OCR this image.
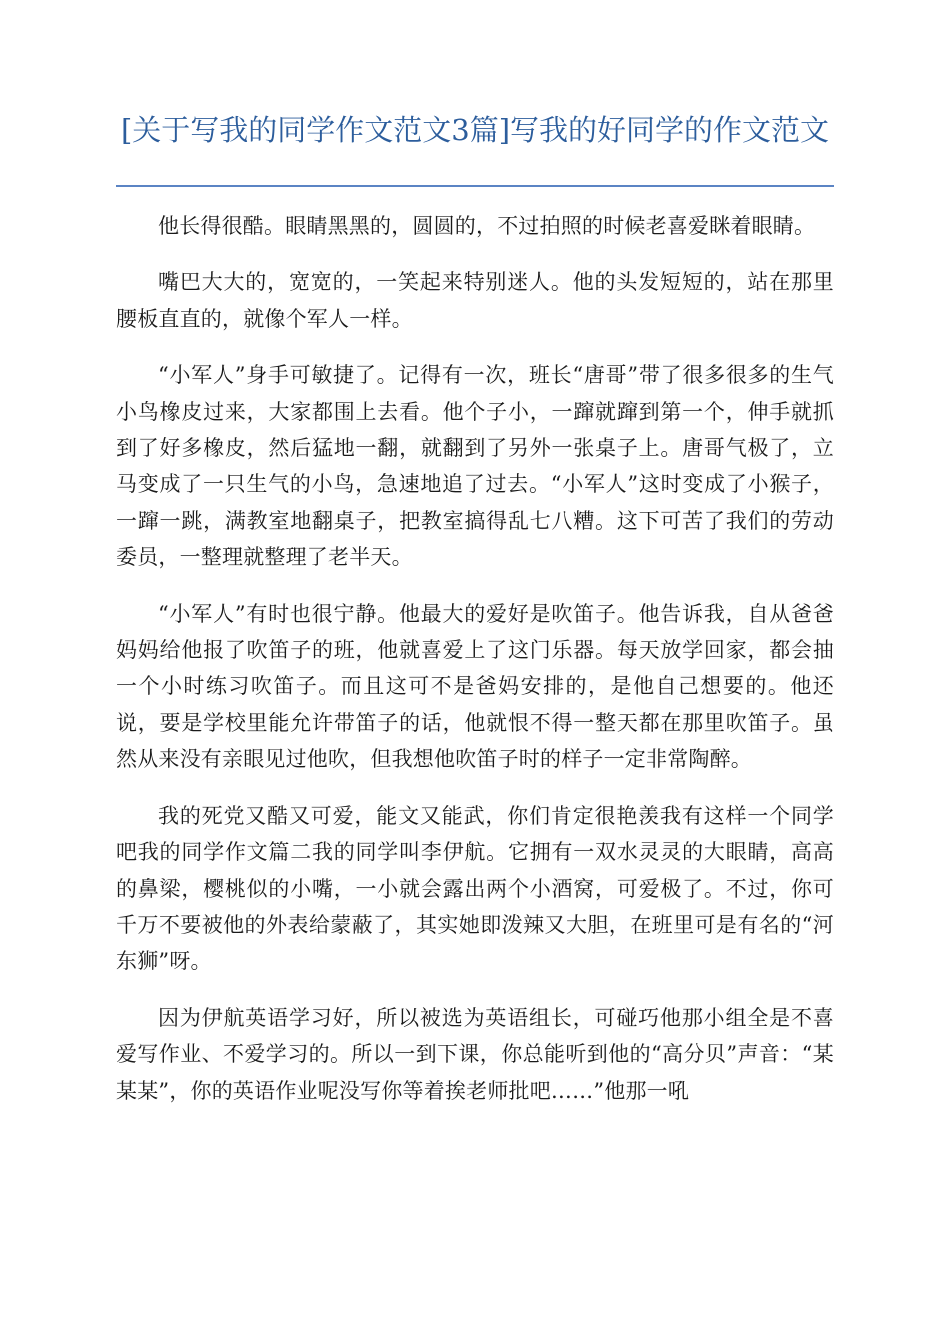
[关于写我的同学作文范文3篇]写我的好同学的作文范文

他长得很酷。眼睛黑黑的，圆圆的，不过拍照的时候老喜爱眯着眼睛。

嘴巴大大的，宽宽的，一笑起来特别迷人。他的头发短短的，站在那里腰板直直的，就像个军人一样。

“小军人”身手可敏捷了。记得有一次，班长“唐哥”带了很多很多的生气小鸟橡皮过来，大家都围上去看。他个子小，一蹿就蹿到第一个，伸手就抓到了好多橡皮，然后猛地一翻，就翻到了另外一张桌子上。唐哥气极了，立马变成了一只生气的小鸟，急速地追了过去。“小军人”这时变成了小猴子，一蹿一跳，满教室地翻桌子，把教室搞得乱七八糟。这下可苦了我们的劳动委员，一整理就整理了老半天。

“小军人”有时也很宁静。他最大的爱好是吹笛子。他告诉我，自从爸爸妈妈给他报了吹笛子的班，他就喜爱上了这门乐器。每天放学回家，都会抽一个小时练习吹笛子。而且这可不是爸妈安排的，是他自己想要的。他还说，要是学校里能允许带笛子的话，他就恨不得一整天都在那里吹笛子。虽然从来没有亲眼见过他吹，但我想他吹笛子时的样子一定非常陶醉。

我的死党又酷又可爱，能文又能武，你们肯定很艳羡我有这样一个同学吧我的同学作文篇二我的同学叫李伊航。它拥有一双水灵灵的大眼睛，高高的鼻梁，樱桃似的小嘴，一小就会露出两个小酒窝，可爱极了。不过，你可千万不要被他的外表给蒙蔽了，其实她即泼辣又大胆，在班里可是有名的“河东狮”呀。

因为伊航英语学习好，所以被选为英语组长，可碰巧他那小组全是不喜爱写作业、不爱学习的。所以一到下课，你总能听到他的“高分贝”声音：“某某某”，你的英语作业呢没写你等着挨老师批吧……”他那一吼
